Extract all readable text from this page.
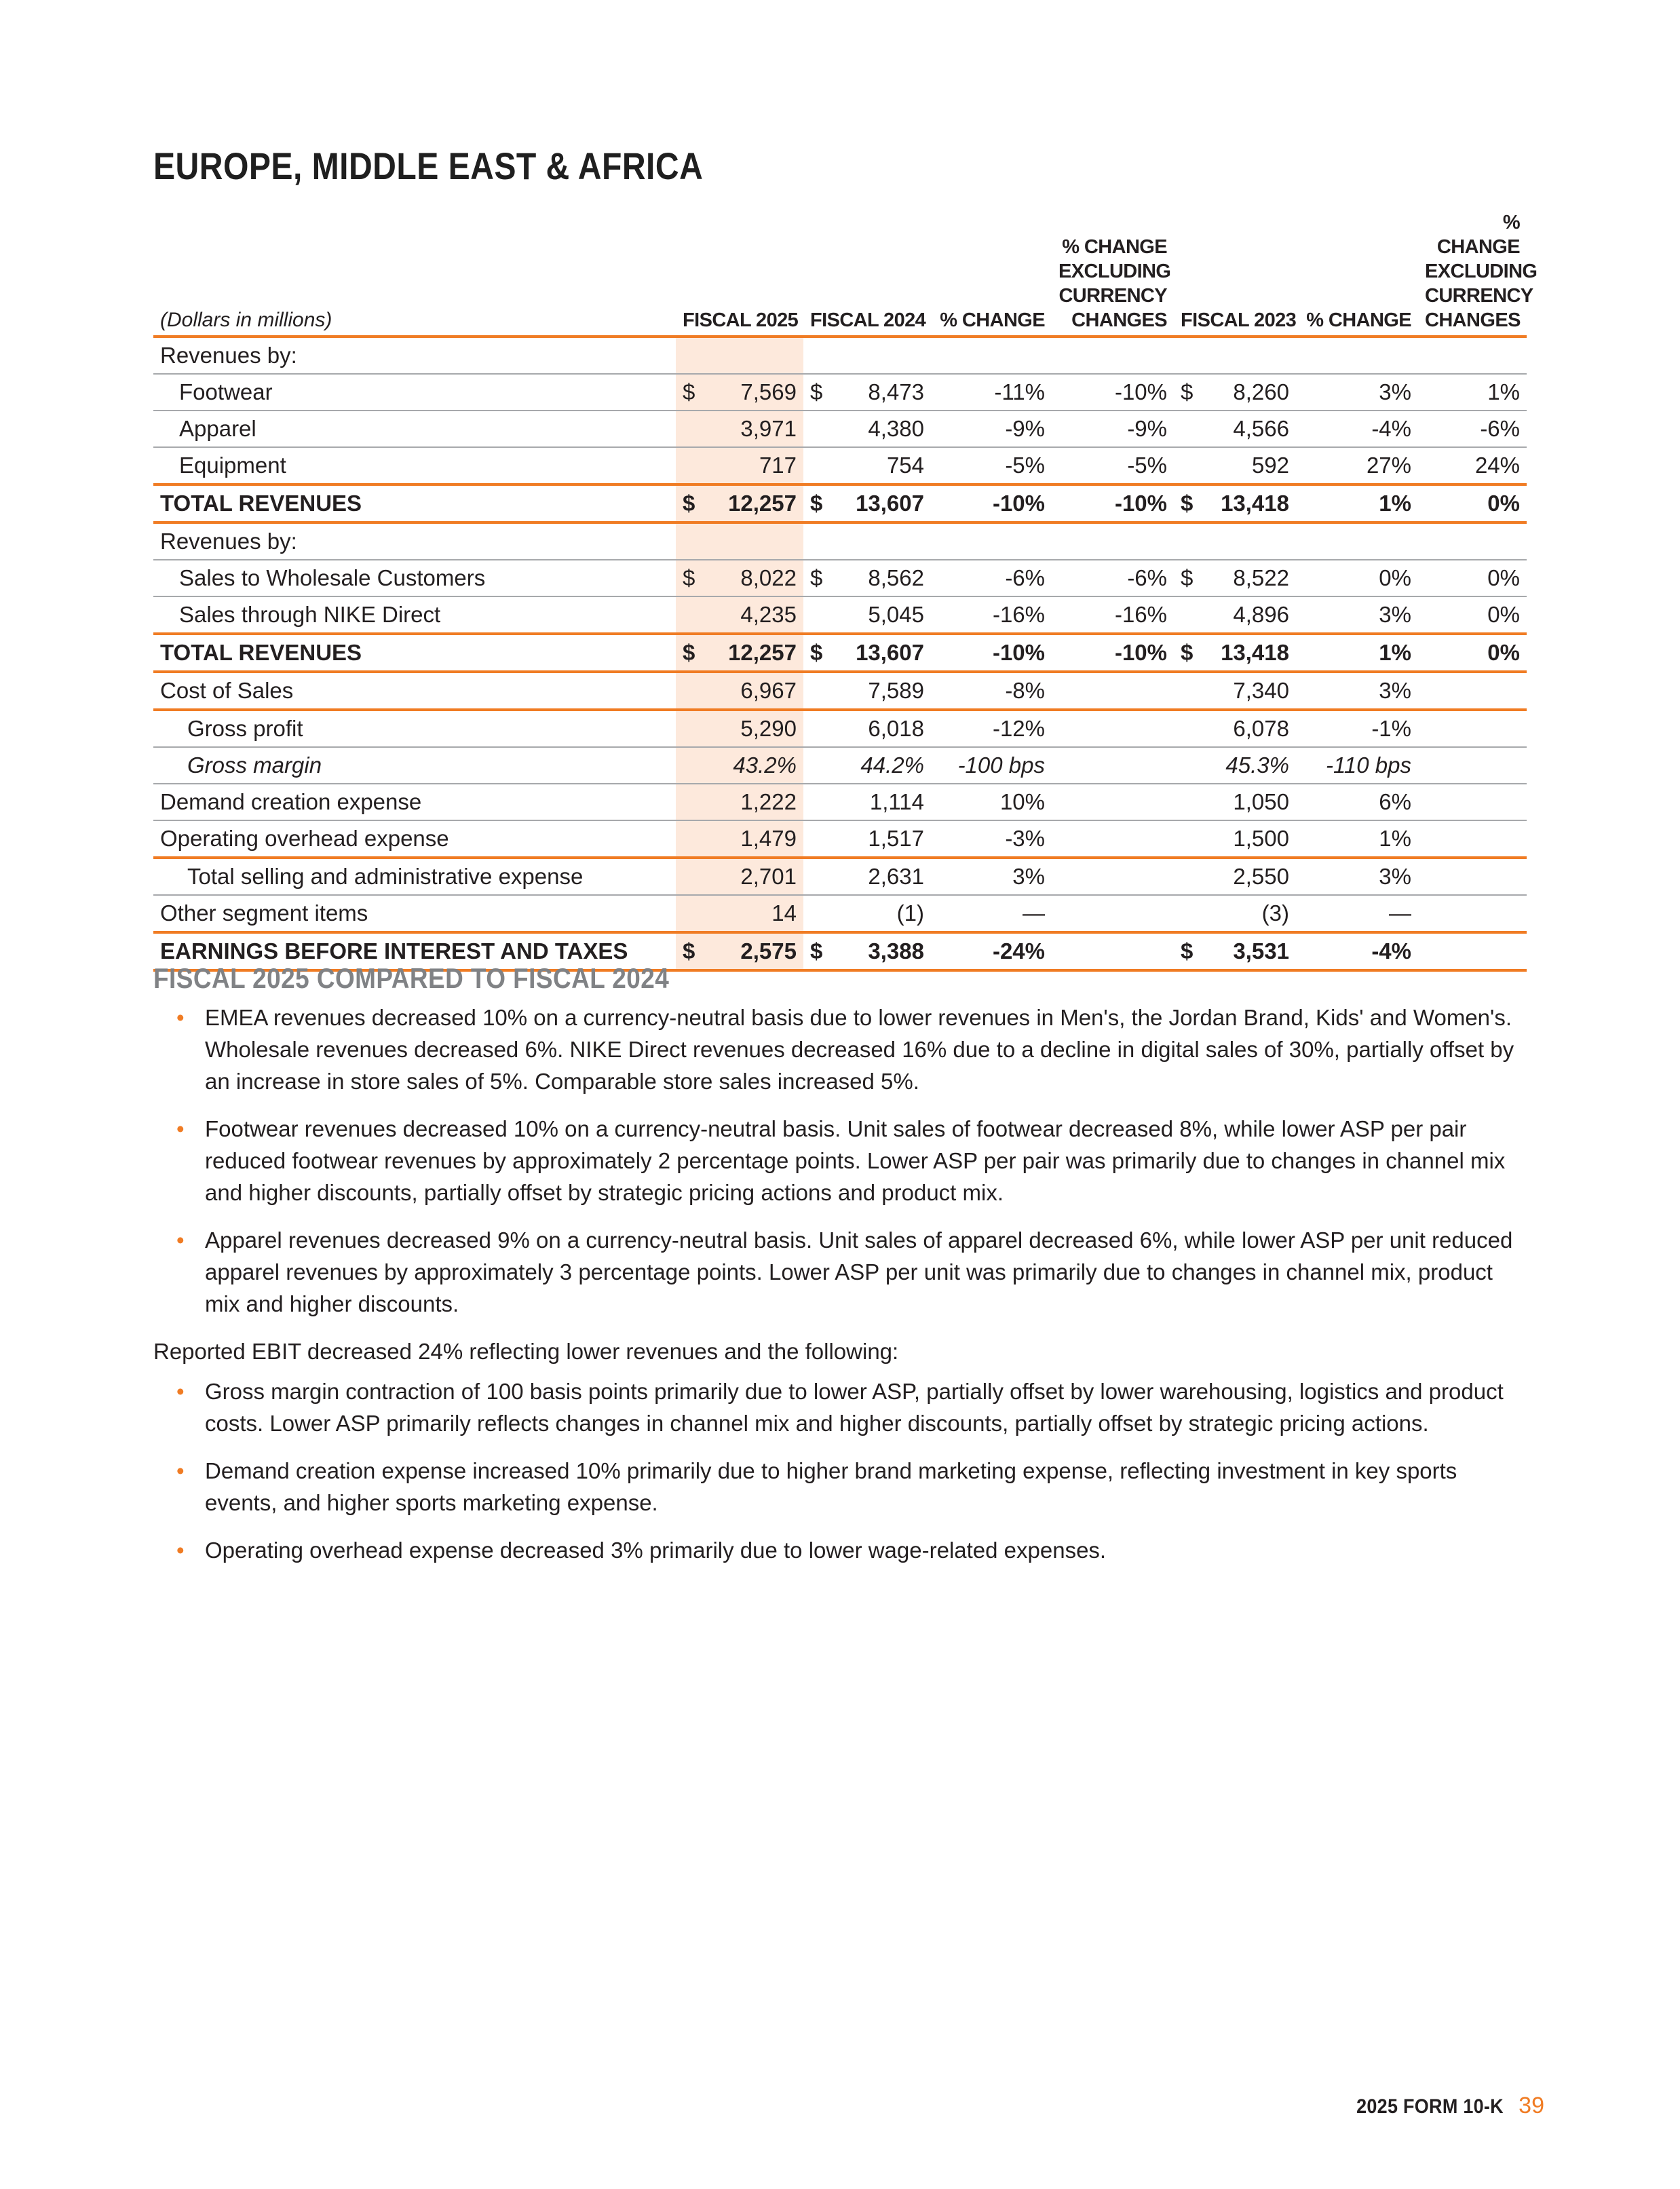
EUROPE, MIDDLE EAST & AFRICA
(Dollars in millions)	FISCAL 2025	FISCAL 2024	% CHANGE	% CHANGE EXCLUDING CURRENCY CHANGES	FISCAL 2023	% CHANGE	% CHANGE EXCLUDING CURRENCY CHANGES
Revenues by:	

Footwear	$ 7,569	$ 8,473	-11%	-10%	$ 8,260	3%	1%
Apparel	3,971	4,380	-9%	-9%	4,566	-4%	-6%
Equipment	717	754	-5%	-5%	592	27%	24%
TOTAL REVENUES	$ 12,257	$ 13,607	-10%	-10%	$ 13,418	1%	0%
Revenues by:	

Sales to Wholesale Customers	$ 8,022	$ 8,562	-6%	-6%	$ 8,522	0%	0%
Sales through NIKE Direct	4,235	5,045	-16%	-16%	4,896	3%	0%
TOTAL REVENUES	$ 12,257	$ 13,607	-10%	-10%	$ 13,418	1%	0%
Cost of Sales	6,967	7,589	-8%		7,340	3%	
Gross profit	5,290	6,018	-12%		6,078	-1%	
Gross margin	43.2%	44.2%	-100 bps		45.3%	-110 bps	
Demand creation expense	1,222	1,114	10%		1,050	6%	
Operating overhead expense	1,479	1,517	-3%		1,500	1%	
Total selling and administrative expense	2,701	2,631	3%		2,550	3%	
Other segment items	14	(1)	—		(3)	—	
EARNINGS BEFORE INTEREST AND TAXES	$ 2,575	$ 3,388	-24%		$ 3,531	-4%	
FISCAL 2025 COMPARED TO FISCAL 2024
• EMEA revenues decreased 10% on a currency-neutral basis due to lower revenues in Men's, the Jordan Brand, Kids' and Women's. Wholesale revenues decreased 6%. NIKE Direct revenues decreased 16% due to a decline in digital sales of 30%, partially offset by an increase in store sales of 5%. Comparable store sales increased 5%.
• Footwear revenues decreased 10% on a currency-neutral basis. Unit sales of footwear decreased 8%, while lower ASP per pair reduced footwear revenues by approximately 2 percentage points. Lower ASP per pair was primarily due to changes in channel mix and higher discounts, partially offset by strategic pricing actions and product mix.
• Apparel revenues decreased 9% on a currency-neutral basis. Unit sales of apparel decreased 6%, while lower ASP per unit reduced apparel revenues by approximately 3 percentage points. Lower ASP per unit was primarily due to changes in channel mix, product mix and higher discounts.

Reported EBIT decreased 24% reflecting lower revenues and the following:

• Gross margin contraction of 100 basis points primarily due to lower ASP, partially offset by lower warehousing, logistics and product costs. Lower ASP primarily reflects changes in channel mix and higher discounts, partially offset by strategic pricing actions.
• Demand creation expense increased 10% primarily due to higher brand marketing expense, reflecting investment in key sports events, and higher sports marketing expense.
• Operating overhead expense decreased 3% primarily due to lower wage-related expenses.
2025 FORM 10-K 39
